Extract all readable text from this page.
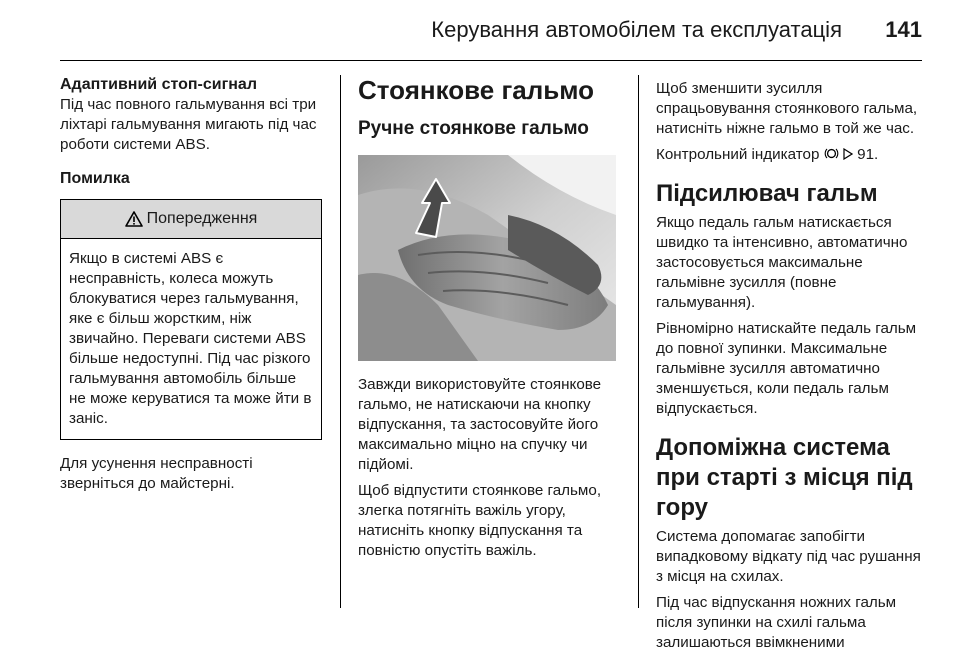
Керування автомобілем та експлуатація 141
Адаптивний стоп-сигнал

Під час повного гальмування всі три ліхтарі гальмування мигають під час роботи системи ABS.

Помилка
Попередження
Якщо в системі ABS є несправність, колеса можуть блокуватися через гальмування, яке є більш жорстким, ніж звичайно. Переваги системи ABS більше недоступні. Під час різкого гальмування автомобіль більше не може керуватися та може йти в заніс.

Для усунення несправності зверніться до майстерні.

Стоянкове гальмо
Ручне стоянкове гальмо

Завжди використовуйте стоянкове гальмо, не натискаючи на кнопку відпускання, та застосовуйте його максимально міцно на спучку чи підйомі.

Щоб відпустити стоянкове гальмо, злегка потягніть важіль угору, натисніть кнопку відпускання та повністю опустіть важіль.

Щоб зменшити зусилля спрацьовування стоянкового гальма, натисніть ніжне гальмо в той же час.

Контрольний індикатор 91.

Підсилювач гальм

Якщо педаль гальм натискається швидко та інтенсивно, автоматично застосовується максимальне гальмівне зусилля (повне гальмування).

Рівномірно натискайте педаль гальм до повної зупинки. Максимальне гальмівне зусилля автоматично зменшується, коли педаль гальм відпускається.

Допоміжна система при старті з місця під гору

Система допомагає запобігти випадковому відкату під час рушання з місця на схилах.

Під час відпускання ножних гальм після зупинки на схилі гальма залишаються ввімкненими
